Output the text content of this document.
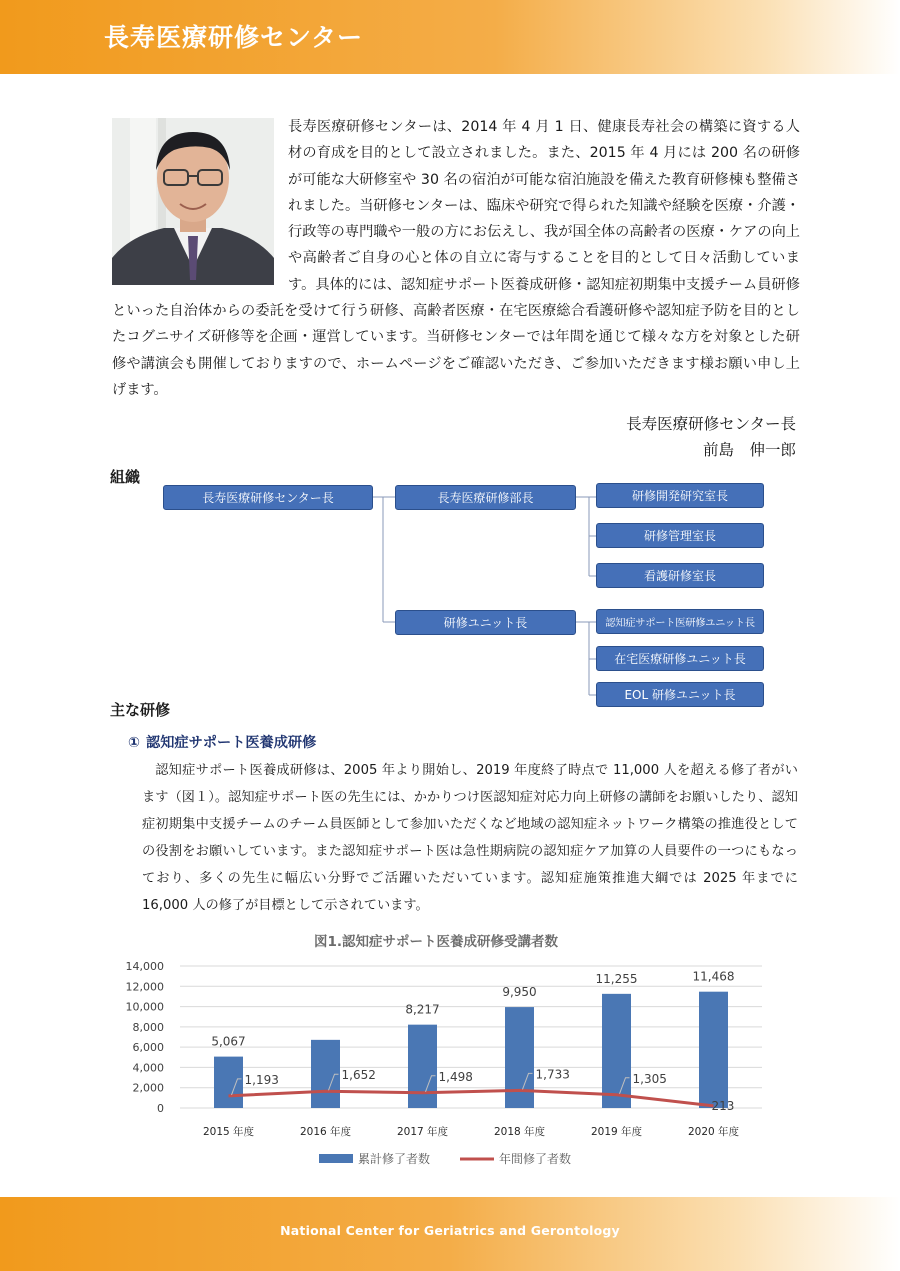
長寿医療研修センター

長寿医療研修センターは、2014 年 4 月 1 日、健康長寿社会の構築に資する人材の育成を目的として設立されました。また、2015 年 4 月には 200 名の研修が可能な大研修室や 30 名の宿泊が可能な宿泊施設を備えた教育研修棟も整備されました。当研修センターは、臨床や研究で得られた知識や経験を医療・介護・行政等の専門職や一般の方にお伝えし、我が国全体の高齢者の医療・ケアの向上や高齢者ご自身の心と体の自立に寄与することを目的として日々活動しています。具体的には、認知症サポート医養成研修・認知症初期集中支援チーム員研修といった自治体からの委託を受けて行う研修、高齢者医療・在宅医療総合看護研修や認知症予防を目的としたコグニサイズ研修等を企画・運営しています。当研修センターでは年間を通じて様々な方を対象とした研修や講演会も開催しておりますので、ホームページをご確認いただき、ご参加いただきます様お願い申し上げます。

長寿医療研修センター長
前島　伸一郎
組織
長寿医療研修センター長	長寿医療研修部長
研修ユニット長
研修開発研究室長
研修管理室長
看護研修室長
認知症サポート医研修ユニット長
在宅医療研修ユニット長
EOL 研修ユニット長
主な研修
① 認知症サポート医養成研修

認知症サポート医養成研修は、2005 年より開始し、2019 年度終了時点で 11,000 人を超える修了者がいます（図１）。認知症サポート医の先生には、かかりつけ医認知症対応力向上研修の講師をお願いしたり、認知症初期集中支援チームのチーム員医師として参加いただくなど地域の認知症ネットワーク構築の推進役としての役割をお願いしています。また認知症サポート医は急性期病院の認知症ケア加算の人員要件の一つにもなっており、多くの先生に幅広い分野でご活躍いただいています。認知症施策推進大綱では 2025 年までに 16,000 人の修了が目標として示されています。

図1.認知症サポート医養成研修受講者数
5,067
8,217
9,950
11,255	11,468
1,193	1,652	1,498	1,733	1,305
213
0
2,000
4,000
6,000
8,000
10,000
12,000
14,000
2015 年度	2016 年度	2017 年度	2018 年度	2019 年度	2020 年度
累計修了者数	年間修了者数
National Center for Geriatrics and Gerontology
